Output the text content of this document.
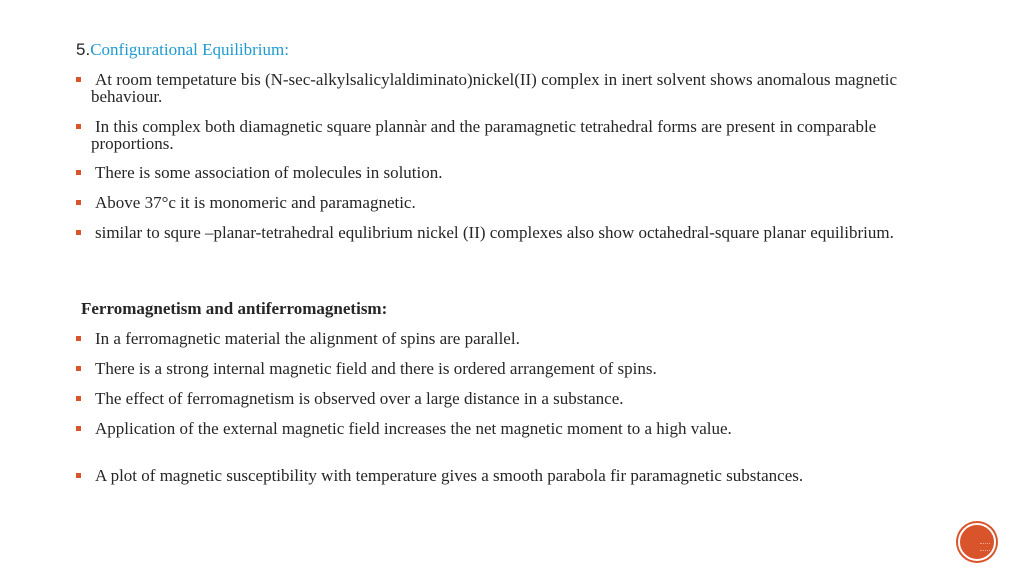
5.Configurational Equilibrium:
At room tempetature bis (N-sec-alkylsalicylaldiminato)nickel(II) complex in inert solvent shows anomalous magnetic behaviour.
In this complex both diamagnetic square plannàr and the paramagnetic tetrahedral forms are present in comparable proportions.
There is some association of molecules in solution.
Above 37°c it is monomeric and paramagnetic.
similar to squre –planar-tetrahedral equlibrium nickel (II) complexes also show octahedral-square planar equilibrium.
Ferromagnetism and antiferromagnetism:
In a ferromagnetic material the alignment of spins are parallel.
There is a strong internal magnetic field and there is ordered arrangement of spins.
The effect of ferromagnetism is observed over a large distance in a substance.
Application of the external magnetic field increases the net magnetic moment to a high value.
A plot of magnetic susceptibility with temperature gives a smooth parabola fir paramagnetic substances.
